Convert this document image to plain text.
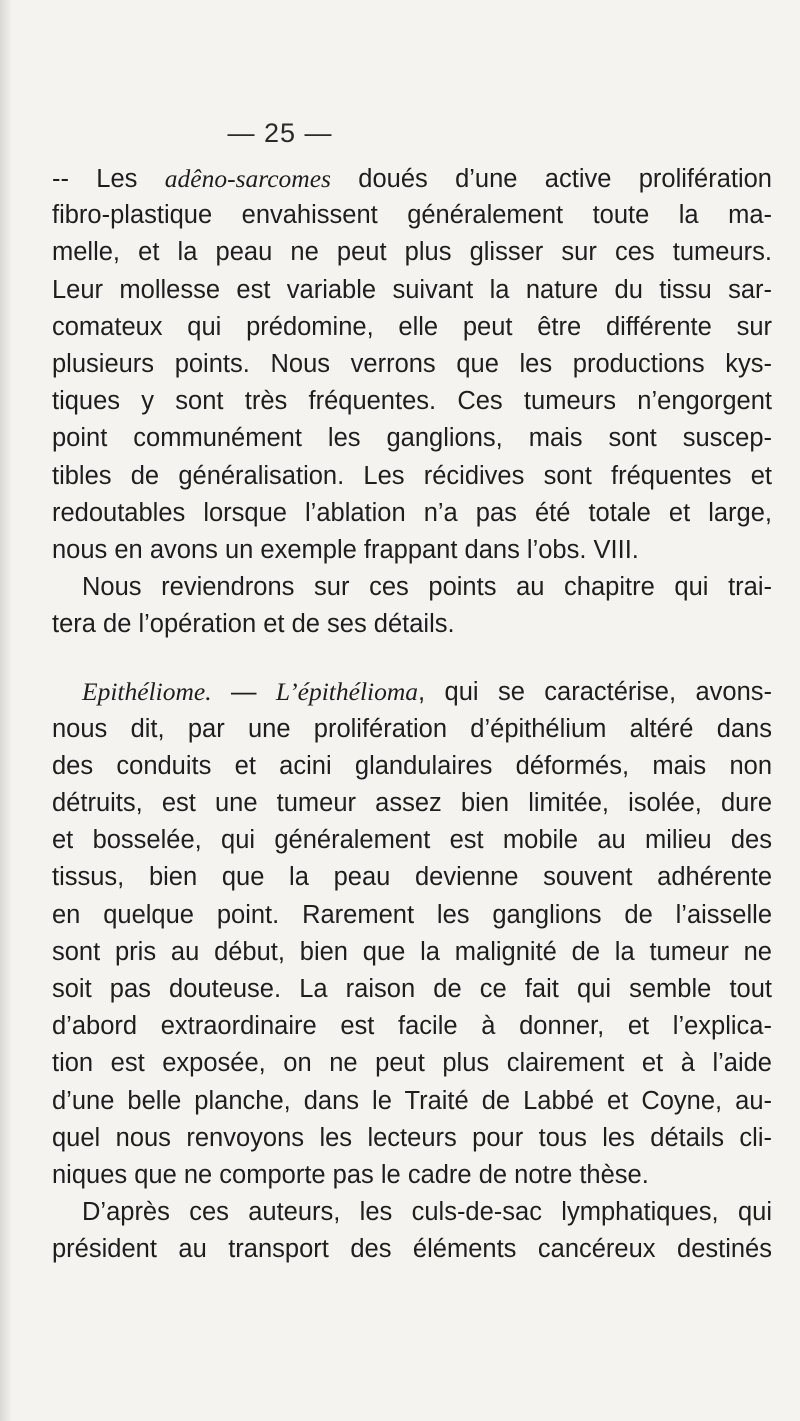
— 25 —
-- Les adêno-sarcomes doués d’une active prolifération
fibro-plastique envahissent généralement toute la ma-
melle, et la peau ne peut plus glisser sur ces tumeurs.
Leur mollesse est variable suivant la nature du tissu sar-
comateux qui prédomine, elle peut être différente sur
plusieurs points. Nous verrons que les productions kys-
tiques y sont très fréquentes. Ces tumeurs n’engorgent
point communément les ganglions, mais sont suscep-
tibles de généralisation. Les récidives sont fréquentes et
redoutables lorsque l’ablation n’a pas été totale et large,
nous en avons un exemple frappant dans l’obs. VIII.
Nous reviendrons sur ces points au chapitre qui trai-
tera de l’opération et de ses détails.
Epithéliome. — L’épithélioma, qui se caractérise, avons-
nous dit, par une prolifération d’épithélium altéré dans
des conduits et acini glandulaires déformés, mais non
détruits, est une tumeur assez bien limitée, isolée, dure
et bosselée, qui généralement est mobile au milieu des
tissus, bien que la peau devienne souvent adhérente
en quelque point. Rarement les ganglions de l’aisselle
sont pris au début, bien que la malignité de la tumeur ne
soit pas douteuse. La raison de ce fait qui semble tout
d’abord extraordinaire est facile à donner, et l’explica-
tion est exposée, on ne peut plus clairement et à l’aide
d’une belle planche, dans le Traité de Labbé et Coyne, au-
quel nous renvoyons les lecteurs pour tous les détails cli-
niques que ne comporte pas le cadre de notre thèse.
D’après ces auteurs, les culs-de-sac lymphatiques, qui
président au transport des éléments cancéreux destinés
